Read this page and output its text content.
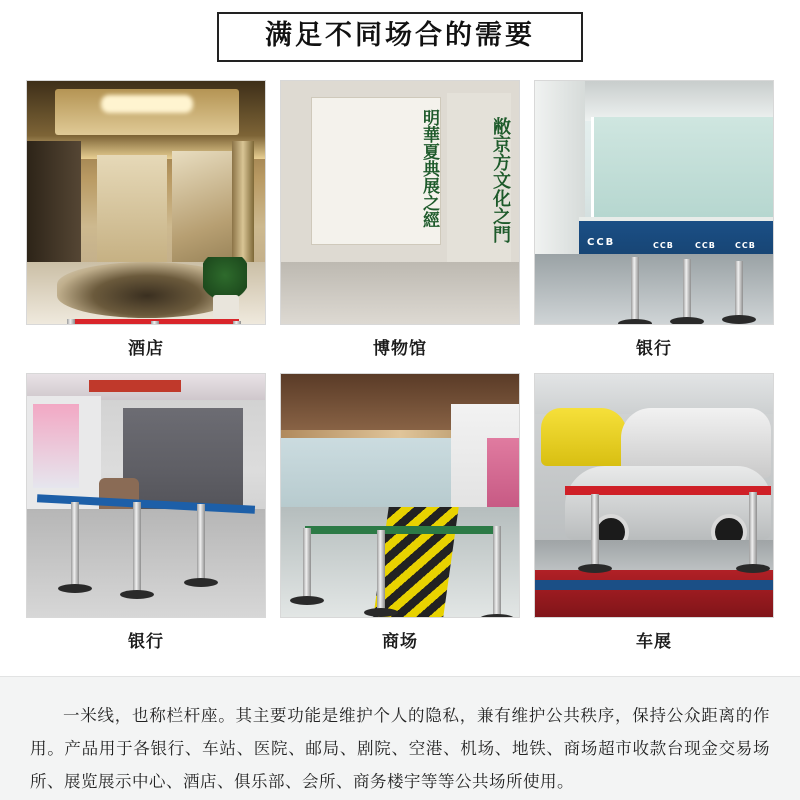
满足不同场合的需要
酒店
明華夏典展之經	敝京方文化之門
博物馆
CCB	CCB	CCB CCB
银行
银行	商场	车展

一米线，也称栏杆座。其主要功能是维护个人的隐私，兼有维护公共秩序，保持公众距离的作用。产品用于各银行、车站、医院、邮局、剧院、空港、机场、地铁、商场超市收款台现金交易场所、展览展示中心、酒店、俱乐部、会所、商务楼宇等等公共场所使用。
